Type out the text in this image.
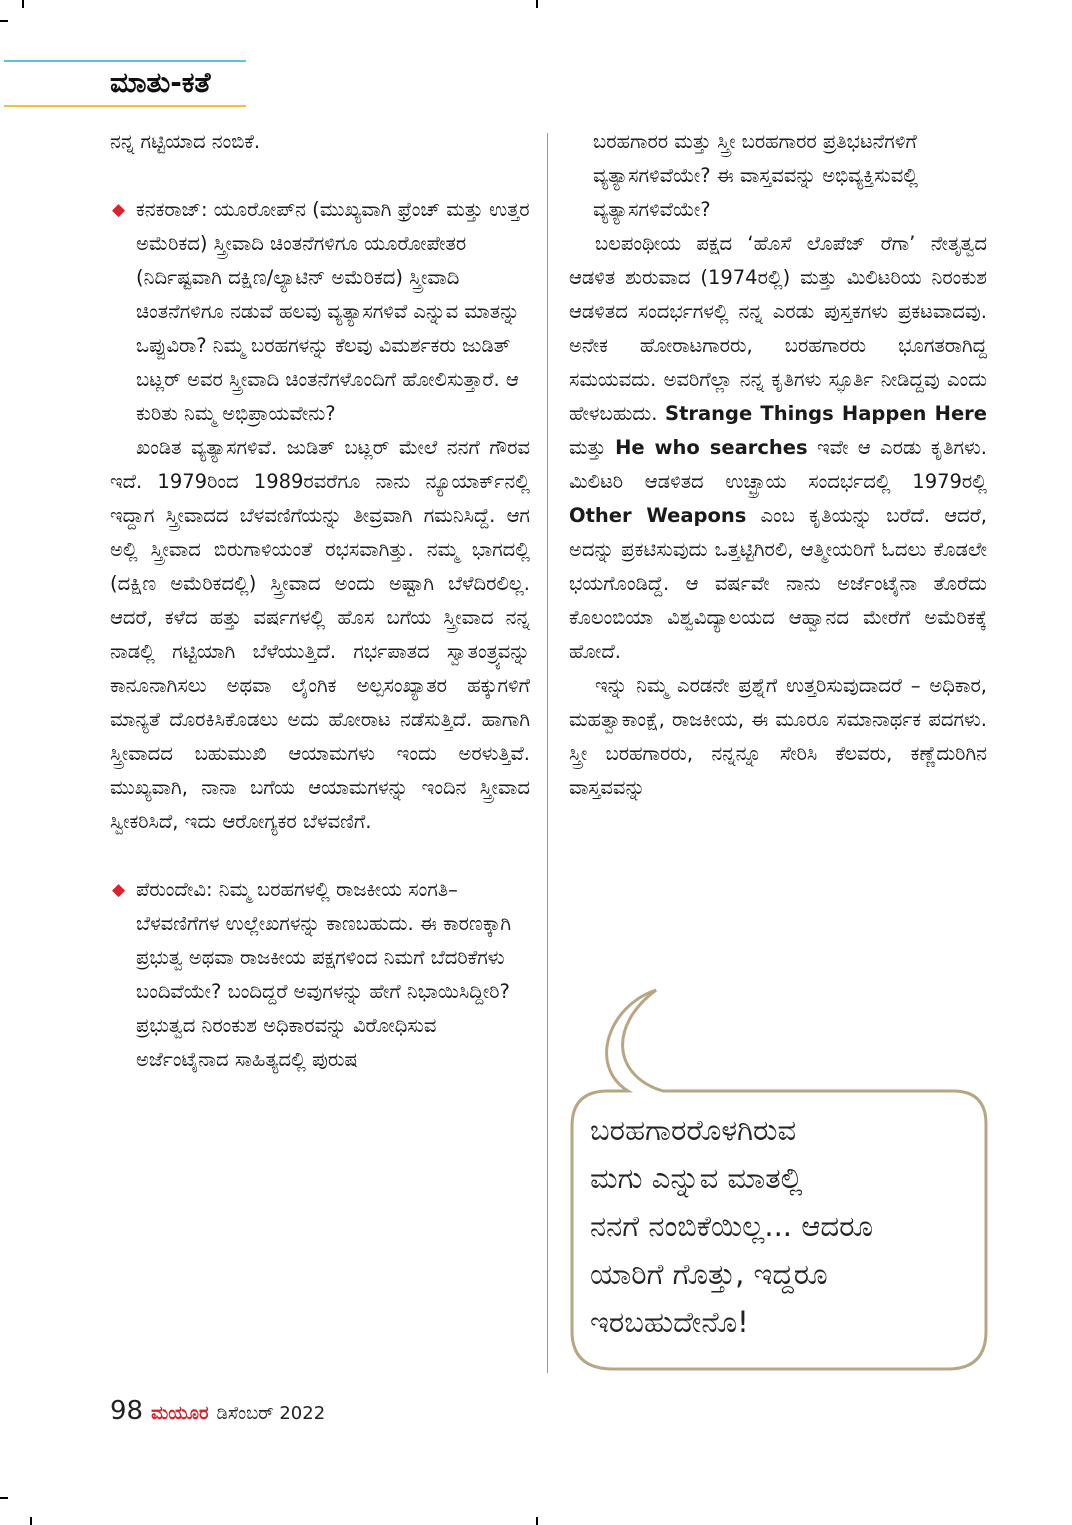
ಮಾತು-ಕತೆ

ನನ್ನ ಗಟ್ಟಿಯಾದ ನಂಬಿಕೆ.

◆ ಕನಕರಾಜ್: ಯೂರೋಪ್‌ನ (ಮುಖ್ಯವಾಗಿ ಫ್ರೆಂಚ್ ಮತ್ತು ಉತ್ತರ ಅಮೆರಿಕದ) ಸ್ತ್ರೀವಾದಿ ಚಿಂತನೆಗಳಿಗೂ ಯೂರೋಪೇತರ (ನಿರ್ದಿಷ್ಟವಾಗಿ ದಕ್ಷಿಣ/ಲ್ಯಾಟಿನ್ ಅಮೆರಿಕದ) ಸ್ತ್ರೀವಾದಿ ಚಿಂತನೆಗಳಿಗೂ ನಡುವೆ ಹಲವು ವ್ಯತ್ಯಾಸಗಳಿವೆ ಎನ್ನುವ ಮಾತನ್ನು ಒಪ್ಪುವಿರಾ? ನಿಮ್ಮ ಬರಹಗಳನ್ನು ಕೆಲವು ವಿಮರ್ಶಕರು ಜುಡಿತ್ ಬಟ್ಲರ್ ಅವರ ಸ್ತ್ರೀವಾದಿ ಚಿಂತನೆಗಳೊಂದಿಗೆ ಹೋಲಿಸುತ್ತಾರೆ. ಆ ಕುರಿತು ನಿಮ್ಮ ಅಭಿಪ್ರಾಯವೇನು?

ಖಂಡಿತ ವ್ಯತ್ಯಾಸಗಳಿವೆ. ಜುಡಿತ್ ಬಟ್ಲರ್ ಮೇಲೆ ನನಗೆ ಗೌರವ ಇದೆ. 1979ರಿಂದ 1989ರವರೆಗೂ ನಾನು ನ್ಯೂಯಾರ್ಕ್‌ನಲ್ಲಿ ಇದ್ದಾಗ ಸ್ತ್ರೀವಾದದ ಬೆಳವಣಿಗೆಯನ್ನು ತೀವ್ರವಾಗಿ ಗಮನಿಸಿದ್ದೆ. ಆಗ ಅಲ್ಲಿ ಸ್ತ್ರೀವಾದ ಬಿರುಗಾಳಿಯಂತೆ ರಭಸವಾಗಿತ್ತು. ನಮ್ಮ ಭಾಗದಲ್ಲಿ (ದಕ್ಷಿಣ ಅಮೆರಿಕದಲ್ಲಿ) ಸ್ತ್ರೀವಾದ ಅಂದು ಅಷ್ಟಾಗಿ ಬೆಳೆದಿರಲಿಲ್ಲ. ಆದರೆ, ಕಳೆದ ಹತ್ತು ವರ್ಷಗಳಲ್ಲಿ ಹೊಸ ಬಗೆಯ ಸ್ತ್ರೀವಾದ ನನ್ನ ನಾಡಲ್ಲಿ ಗಟ್ಟಿಯಾಗಿ ಬೆಳೆಯುತ್ತಿದೆ. ಗರ್ಭಪಾತದ ಸ್ವಾತಂತ್ರ್ಯವನ್ನು ಕಾನೂನಾಗಿಸಲು ಅಥವಾ ಲೈಂಗಿಕ ಅಲ್ಪಸಂಖ್ಯಾತರ ಹಕ್ಕುಗಳಿಗೆ ಮಾನ್ಯತೆ ದೊರಕಿಸಿಕೊಡಲು ಅದು ಹೋರಾಟ ನಡೆಸುತ್ತಿದೆ. ಹಾಗಾಗಿ ಸ್ತ್ರೀವಾದದ ಬಹುಮುಖಿ ಆಯಾಮಗಳು ಇಂದು ಅರಳುತ್ತಿವೆ. ಮುಖ್ಯವಾಗಿ, ನಾನಾ ಬಗೆಯ ಆಯಾಮಗಳನ್ನು ಇಂದಿನ ಸ್ತ್ರೀವಾದ ಸ್ವೀಕರಿಸಿದೆ, ಇದು ಆರೋಗ್ಯಕರ ಬೆಳವಣಿಗೆ.

◆ ಪೆರುಂದೇವಿ: ನಿಮ್ಮ ಬರಹಗಳಲ್ಲಿ ರಾಜಕೀಯ ಸಂಗತಿ–ಬೆಳವಣಿಗೆಗಳ ಉಲ್ಲೇಖಗಳನ್ನು ಕಾಣಬಹುದು. ಈ ಕಾರಣಕ್ಕಾಗಿ ಪ್ರಭುತ್ವ ಅಥವಾ ರಾಜಕೀಯ ಪಕ್ಷಗಳಿಂದ ನಿಮಗೆ ಬೆದರಿಕೆಗಳು ಬಂದಿವೆಯೇ? ಬಂದಿದ್ದರೆ ಅವುಗಳನ್ನು ಹೇಗೆ ನಿಭಾಯಿಸಿದ್ದೀರಿ? ಪ್ರಭುತ್ವದ ನಿರಂಕುಶ ಅಧಿಕಾರವನ್ನು ವಿರೋಧಿಸುವ ಅರ್ಜೆಂಟೈನಾದ ಸಾಹಿತ್ಯದಲ್ಲಿ ಪುರುಷ

ಬರಹಗಾರರ ಮತ್ತು ಸ್ತ್ರೀ ಬರಹಗಾರರ ಪ್ರತಿಭಟನೆಗಳಿಗೆ ವ್ಯತ್ಯಾಸಗಳಿವೆಯೇ? ಈ ವಾಸ್ತವವನ್ನು ಅಭಿವ್ಯಕ್ತಿಸುವಲ್ಲಿ ವ್ಯತ್ಯಾಸಗಳಿವೆಯೇ?

ಬಲಪಂಥೀಯ ಪಕ್ಷದ ‘ಹೊಸೆ ಲೊಪೆಜ್ ರೆಗಾ’ ನೇತೃತ್ವದ ಆಡಳಿತ ಶುರುವಾದ (1974ರಲ್ಲಿ) ಮತ್ತು ಮಿಲಿಟರಿಯ ನಿರಂಕುಶ ಆಡಳಿತದ ಸಂದರ್ಭಗಳಲ್ಲಿ ನನ್ನ ಎರಡು ಪುಸ್ತಕಗಳು ಪ್ರಕಟವಾದವು. ಅನೇಕ ಹೋರಾಟಗಾರರು, ಬರಹಗಾರರು ಭೂಗತರಾಗಿದ್ದ ಸಮಯವದು. ಅವರಿಗೆಲ್ಲಾ ನನ್ನ ಕೃತಿಗಳು ಸ್ಫೂರ್ತಿ ನೀಡಿದ್ದವು ಎಂದು ಹೇಳಬಹುದು. Strange Things Happen Here ಮತ್ತು He who searches ಇವೇ ಆ ಎರಡು ಕೃತಿಗಳು. ಮಿಲಿಟರಿ ಆಡಳಿತದ ಉಚ್ಛ್ರಾಯ ಸಂದರ್ಭದಲ್ಲಿ 1979ರಲ್ಲಿ Other Weapons ಎಂಬ ಕೃತಿಯನ್ನು ಬರೆದೆ. ಆದರೆ, ಅದನ್ನು ಪ್ರಕಟಿಸುವುದು ಒತ್ತಟ್ಟಿಗಿರಲಿ, ಆತ್ಮೀಯರಿಗೆ ಓದಲು ಕೊಡಲೇ ಭಯಗೊಂಡಿದ್ದೆ. ಆ ವರ್ಷವೇ ನಾನು ಅರ್ಜೆಂಟೈನಾ ತೊರೆದು ಕೊಲಂಬಿಯಾ ವಿಶ್ವವಿದ್ಯಾಲಯದ ಆಹ್ವಾನದ ಮೇರೆಗೆ ಅಮೆರಿಕಕ್ಕೆ ಹೋದೆ.

ಇನ್ನು ನಿಮ್ಮ ಎರಡನೇ ಪ್ರಶ್ನೆಗೆ ಉತ್ತರಿಸುವುದಾದರೆ – ಅಧಿಕಾರ, ಮಹತ್ವಾಕಾಂಕ್ಷೆ, ರಾಜಕೀಯ, ಈ ಮೂರೂ ಸಮಾನಾರ್ಥಕ ಪದಗಳು. ಸ್ತ್ರೀ ಬರಹಗಾರರು, ನನ್ನನ್ನೂ ಸೇರಿಸಿ ಕೆಲವರು, ಕಣ್ಣೆದುರಿಗಿನ ವಾಸ್ತವವನ್ನು

ಬರಹಗಾರರೊಳಗಿರುವ
ಮಗು ಎನ್ನುವ ಮಾತಲ್ಲಿ
ನನಗೆ ನಂಬಿಕೆಯಿಲ್ಲ... ಆದರೂ
ಯಾರಿಗೆ ಗೊತ್ತು, ಇದ್ದರೂ
ಇರಬಹುದೇನೊ!
98 ಮಯೂರ ಡಿಸೆಂಬರ್ 2022
